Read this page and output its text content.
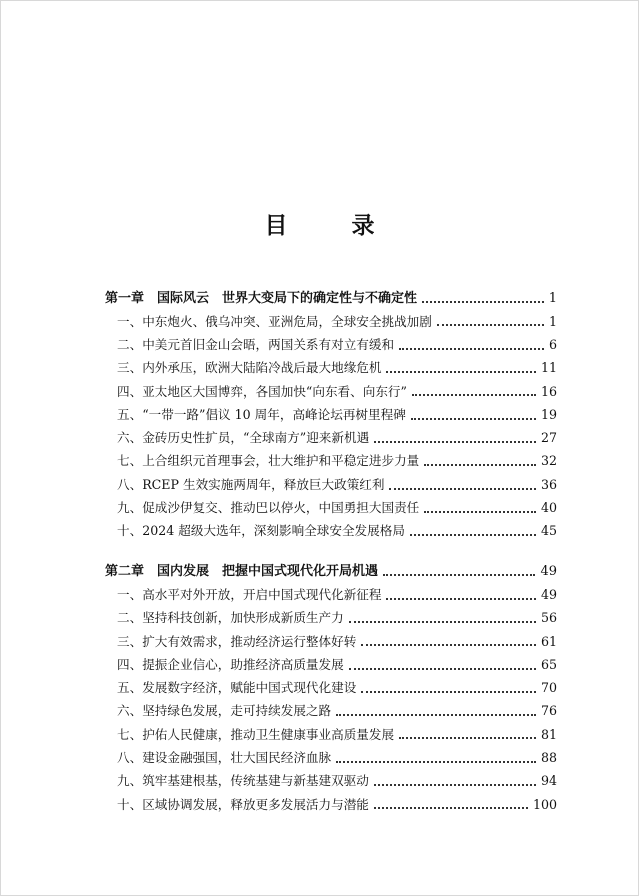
目 录
第一章　国际风云　世界大变局下的确定性与不确定性	1
一、中东炮火、俄乌冲突、亚洲危局，全球安全挑战加剧	1
二、中美元首旧金山会晤，两国关系有对立有缓和	6
三、内外承压，欧洲大陆陷冷战后最大地缘危机	11
四、亚太地区大国博弈，各国加快“向东看、向东行”	16
五、“一带一路”倡议 10 周年，高峰论坛再树里程碑	19
六、金砖历史性扩员，“全球南方”迎来新机遇	27
七、上合组织元首理事会，壮大维护和平稳定进步力量	32
八、RCEP 生效实施两周年，释放巨大政策红利	36
九、促成沙伊复交、推动巴以停火，中国勇担大国责任	40
十、2024 超级大选年，深刻影响全球安全发展格局	45
第二章　国内发展　把握中国式现代化开局机遇	49
一、高水平对外开放，开启中国式现代化新征程	49
二、坚持科技创新，加快形成新质生产力	56
三、扩大有效需求，推动经济运行整体好转	61
四、提振企业信心，助推经济高质量发展	65
五、发展数字经济，赋能中国式现代化建设	70
六、坚持绿色发展，走可持续发展之路	76
七、护佑人民健康，推动卫生健康事业高质量发展	81
八、建设金融强国，壮大国民经济血脉	88
九、筑牢基建根基，传统基建与新基建双驱动	94
十、区域协调发展，释放更多发展活力与潜能	100
